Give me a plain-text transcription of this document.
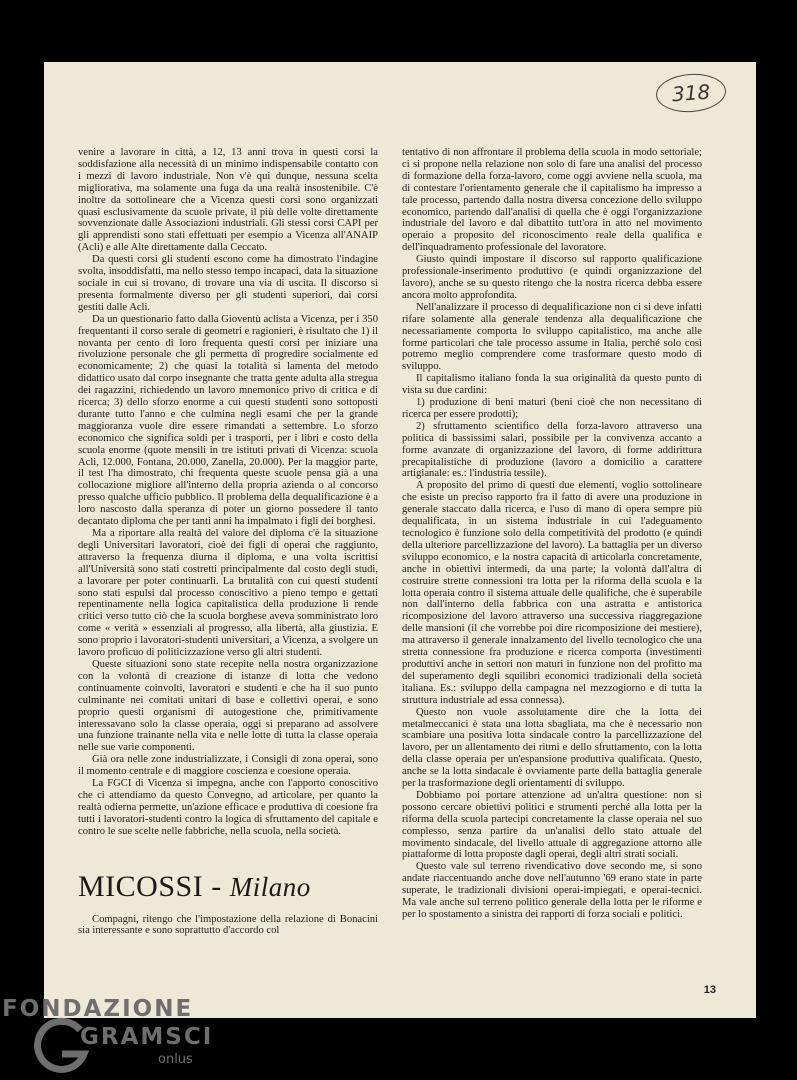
318

venire a lavorare in città, a 12, 13 anni trova in questi corsi la soddisfazione alla necessità di un minimo indispensabile contatto con i mezzi di lavoro industriale. Non v'è qui dunque, nessuna scelta migliorativa, ma solamente una fuga da una realtà insostenibile. C'è inoltre da sottolineare che a Vicenza questi corsi sono organizzati quasi esclusivamente da scuole private, il più delle volte direttamente sovvenzionate dalle Associazioni industriali. Gli stessi corsi CAPI per gli apprendisti sono stati effettuati per esempio a Vicenza all'ANAIP (Acli) e alle Alte direttamente dalla Ceccato.

Da questi corsi gli studenti escono come ha dimostrato l'indagine svolta, insoddisfatti, ma nello stesso tempo incapaci, data la situazione sociale in cui si trovano, di trovare una via di uscita. Il discorso si presenta formalmente diverso per gli studenti superiori, dai corsi gestiti dalle Acli.

Da un questionario fatto dalla Gioventù aclista a Vicenza, per i 350 frequentanti il corso serale di geometri e ragionieri, è risultato che 1) il novanta per cento di loro frequenta questi corsi per iniziare una rivoluzione personale che gli permetta di progredire socialmente ed economicamente; 2) che quasi la totalità si lamenta del metodo didattico usato dal corpo insegnante che tratta gente adulta alla stregua dei ragazzini, richiedendo un lavoro mnemonico privo di critica e di ricerca; 3) dello sforzo enorme a cui questi studenti sono sottoposti durante tutto l'anno e che culmina negli esami che per la grande maggioranza vuole dire essere rimandati a settembre. Lo sforzo economico che significa soldi per i trasporti, per i libri e costo della scuola enorme (quote mensili in tre istituti privati di Vicenza: scuola Acli, 12.000, Fontana, 20.000, Zanella, 20.000). Per la maggior parte, il test l'ha dimostrato, chi frequenta queste scuole pensa già a una collocazione migliore all'interno della propria azienda o al concorso presso qualche ufficio pubblico. Il problema della dequalificazione è a loro nascosto dalla speranza di poter un giorno possedere il tanto decantato diploma che per tanti anni ha impalmato i figli dei borghesi.

Ma a riportare alla realtà del valore del diploma c'è la situazione degli Universitari lavoratori, cioè dei figli di operai che raggiunto, attraverso la frequenza diurna il diploma, e una volta iscrittisi all'Università sono stati costretti principalmente dal costo degli studi, a lavorare per poter continuarli. La brutalità con cui questi studenti sono stati espulsi dal processo conoscitivo a pieno tempo e gettati repentinamente nella logica capitalistica della produzione li rende critici verso tutto ciò che la scuola borghese aveva somministrato loro come « verità » essenziali al progresso, alla libertà, alla giustizia. E sono proprio i lavoratori-studenti universitari, a Vicenza, a svolgere un lavoro proficuo di politicizzazione verso gli altri studenti.

Queste situazioni sono state recepite nella nostra organizzazione con la volontà di creazione di istanze di lotta che vedono continuamente coinvolti, lavoratori e studenti e che ha il suo punto culminante nei comitati unitari di base e collettivi operai, e sono proprio questi organismi di autogestione che, primitivamente interessavano solo la classe operaia, oggi si preparano ad assolvere una funzione trainante nella vita e nelle lotte di tutta la classe operaia nelle sue varie componenti.

Già ora nelle zone industrializzate, i Consigli di zona operai, sono il momento centrale e di maggiore coscienza e coesione operaia.

La FGCI di Vicenza si impegna, anche con l'apporto conoscitivo che ci attendiamo da questo Convegno, ad articolare, per quanto la realtà odierna permette, un'azione efficace e produttiva di coesione fra tutti i lavoratori-studenti contro la logica di sfruttamento del capitale e contro le sue scelte nelle fabbriche, nella scuola, nella società.

MICOSSI - Milano

Compagni, ritengo che l'impostazione della relazione di Bonacini sia interessante e sono soprattutto d'accordo col

tentativo di non affrontare il problema della scuola in modo settoriale; ci si propone nella relazione non solo di fare una analisi del processo di formazione della forza-lavoro, come oggi avviene nella scuola, ma di contestare l'orientamento generale che il capitalismo ha impresso a tale processo, partendo dalla nostra diversa concezione dello sviluppo economico, partendo dall'analisi di quella che è oggi l'organizzazione industriale del lavoro e dal dibattito tutt'ora in atto nel movimento operaio a proposito del riconoscimento reale della qualifica e dell'inquadramento professionale del lavoratore.

Giusto quindi impostare il discorso sul rapporto qualificazione professionale-inserimento produttivo (e quindi organizzazione del lavoro), anche se su questo ritengo che la nostra ricerca debba essere ancora molto approfondita.

Nell'analizzare il processo di dequalificazione non ci si deve infatti rifare solamente alla generale tendenza alla dequalificazione che necessariamente comporta lo sviluppo capitalistico, ma anche alle forme particolari che tale processo assume in Italia, perché solo così potremo meglio comprendere come trasformare questo modo di sviluppo.

Il capitalismo italiano fonda la sua originalità da questo punto di vista su due cardini:

1) produzione di beni maturi (beni cioè che non necessitano di ricerca per essere prodotti);

2) sfruttamento scientifico della forza-lavoro attraverso una politica di bassissimi salari, possibile per la convivenza accanto a forme avanzate di organizzazione del lavoro, di forme addirittura precapitalistiche di produzione (lavoro a domicilio a carattere artigianale: es.: l'industria tessile).

A proposito del primo di questi due elementi, voglio sottolineare che esiste un preciso rapporto fra il fatto di avere una produzione in generale staccato dalla ricerca, e l'uso di mano di opera sempre più dequalificata, in un sistema industriale in cui l'adeguamento tecnologico è funzione solo della competitività del prodotto (e quindi della ulteriore parcellizzazione del lavoro). La battaglia per un diverso sviluppo economico, e la nostra capacità di articolarla concretamente, anche in obiettivi intermedi, da una parte; la volontà dall'altra di costruire strette connessioni tra lotta per la riforma della scuola e la lotta operaia contro il sistema attuale delle qualifiche, che è superabile non dall'interno della fabbrica con una astratta e antistorica ricomposizione del lavoro attraverso una successiva riaggregazione delle mansioni (il che vorrebbe poi dire ricomposizione dei mestiere), ma attraverso il generale innalzamento del livello tecnologico che una stretta connessione fra produzione e ricerca comporta (investimenti produttivi anche in settori non maturi in funzione non del profitto ma del superamento degli squilibri economici tradizionali della società italiana. Es.: sviluppo della campagna nel mezzogiorno e di tutta la struttura industriale ad essa connessa).

Questo non vuole assolutamente dire che la lotta dei metalmeccanici è stata una lotta sbagliata, ma che è necessario non scambiare una positiva lotta sindacale contro la parcellizzazione del lavoro, per un allentamento dei ritmi e dello sfruttamento, con la lotta della classe operaia per un'espansione produttiva qualificata. Questo, anche se la lotta sindacale è ovviamente parte della battaglia generale per la trasformazione degli orientamenti di sviluppo.

Dobbiamo poi portare attenzione ad un'altra questione: non si possono cercare obiettivi politici e strumenti perché alla lotta per la riforma della scuola partecipi concretamente la classe operaia nel suo complesso, senza partire da un'analisi dello stato attuale del movimento sindacale, del livello attuale di aggregazione attorno alle piattaforme di lotta proposte dagli operai, degli altri strati sociali.

Questo vale sul terreno rivendicativo dove secondo me, si sono andate riaccentuando anche dove nell'autunno '69 erano state in parte superate, le tradizionali divisioni operai-impiegati, e operai-tecnici. Ma vale anche sul terreno politico generale della lotta per le riforme e per lo spostamento a sinistra dei rapporti di forza sociali e politici.

13
FONDAZIONE
GRAMSCI
onlus
